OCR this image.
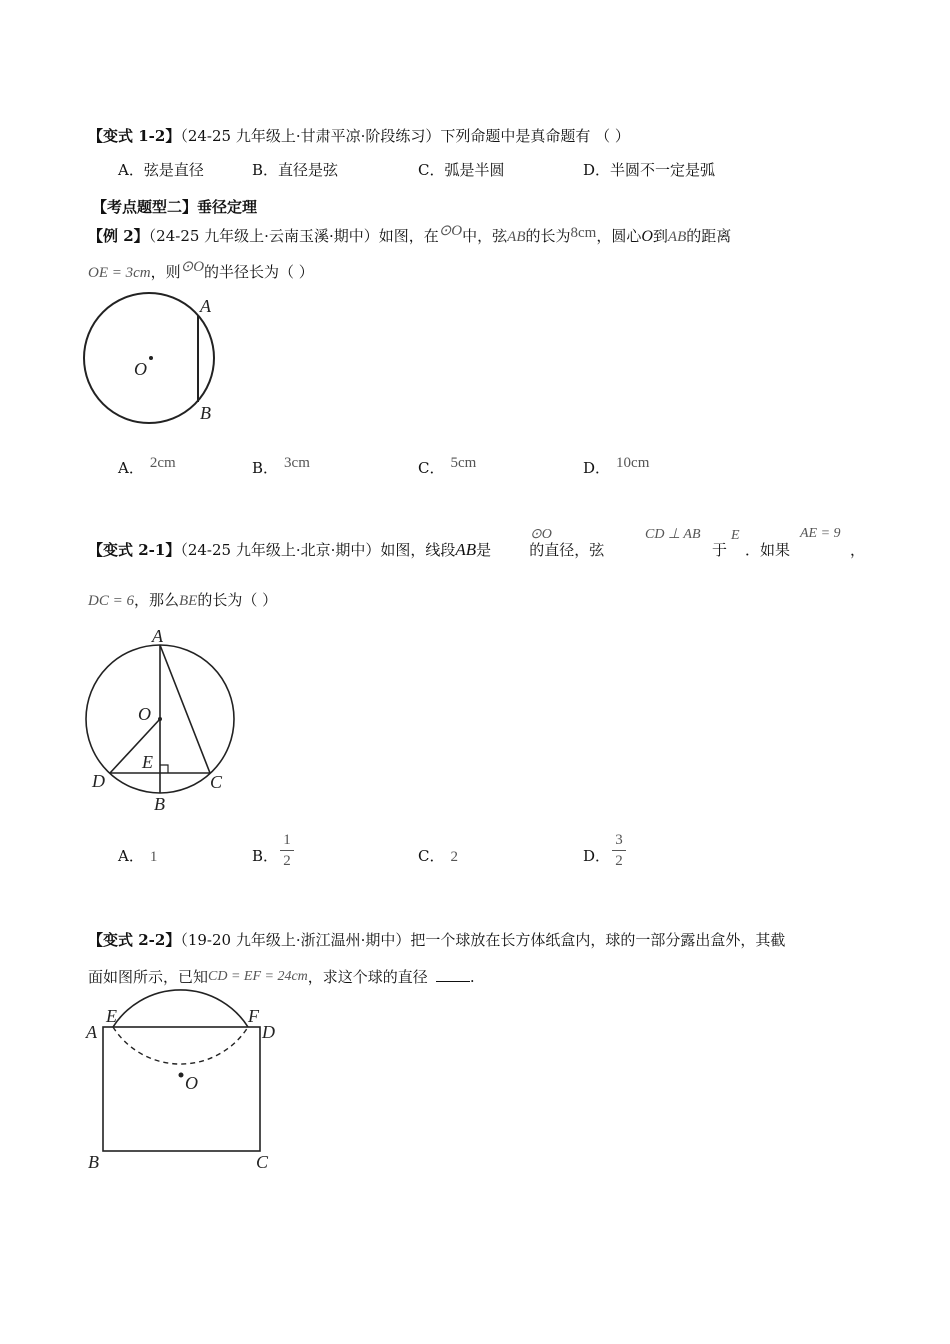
【变式 1-2】（24-25 九年级上·甘肃平凉·阶段练习）下列命题中是真命题有 （ ）
A．弦是直径	B．直径是弦	C．弧是半圆	D．半圆不一定是弧
【考点题型二】垂径定理
【例 2】（24-25 九年级上·云南玉溪·期中）如图，在⊙O中，弦AB的长为8cm，圆心O到AB的距离
OE = 3cm，则⊙O的半径长为（ ）
A
B
O
A． 2cm	B． 3cm	C． 5cm	D． 10cm
【变式 2-1】（24-25 九年级上·北京·期中）如图，线段AB是	的直径，弦
⊙O	CD ⊥ AB
于
E
．如果
AE = 9
，
DC = 6，那么BE的长为（ ）
A
O
E
D	C
B
A． 1	B．
1
2	C． 2	D．
3
2
【变式 2-2】（19-20 九年级上·浙江温州·期中）把一个球放在长方体纸盒内，球的一部分露出盒外，其截
面如图所示，已知CD = EF = 24cm，求这个球的直径	.
A
E	F
D
O
B	C
